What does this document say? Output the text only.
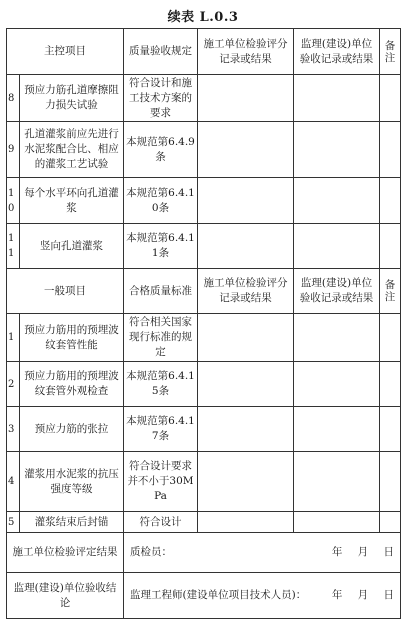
续表 L.0.3
主控项目		质量验收规定	施工单位检验评分记录或结果	监理(建设)单位验收记录或结果	备注
8	预应力筋孔道摩擦阻力损失试验	符合设计和施工技术方案的要求			
9	孔道灌浆前应先进行水泥浆配合比、相应的灌浆工艺试验	本规范第6.4.9条			
10	每个水平环向孔道灌浆	本规范第6.4.10条			
11	竖向孔道灌浆	本规范第6.4.11条			
一般项目		合格质量标准	施工单位检验评分记录或结果	监理(建设)单位验收记录或结果	备注
1	预应力筋用的预埋波纹套管性能	符合相关国家现行标准的规定			
2	预应力筋用的预埋波纹套管外观检查	本规范第6.4.15条			
3	预应力筋的张拉	本规范第6.4.17条			
4	灌浆用水泥浆的抗压强度等级	符合设计要求并不小于30MPa			
5	灌浆结束后封锚	符合设计			
施工单位检验评定结果		质检员： 年 月 日			

监理(建设)单位验收结论		监理工程师(建设单位项目技术人员)： 年 月 日			
